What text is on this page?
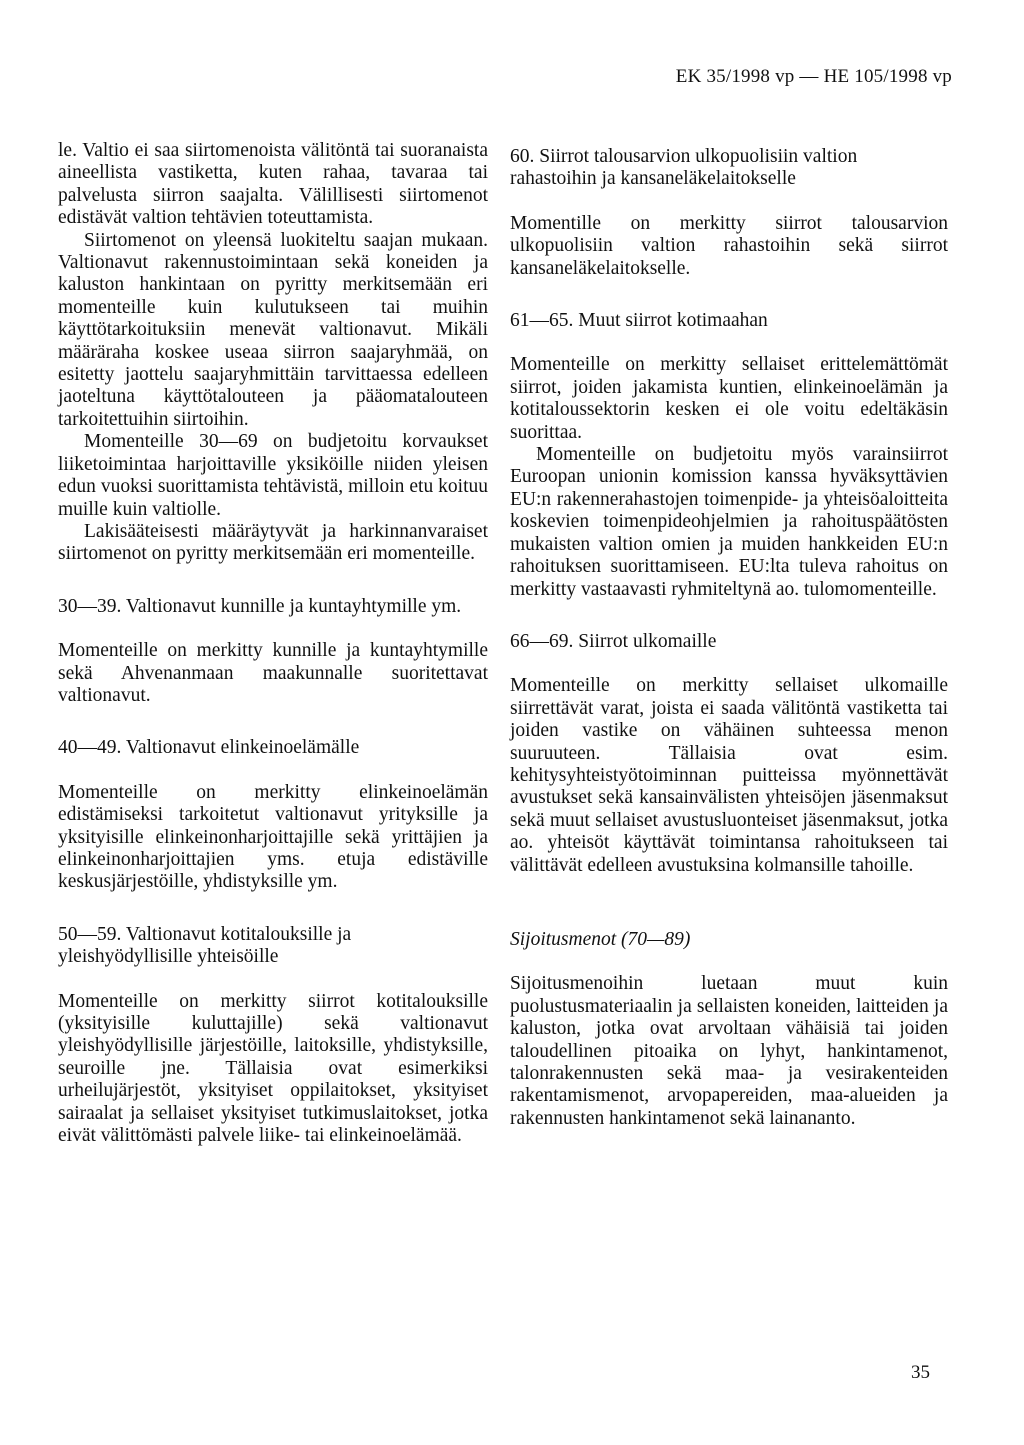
EK 35/1998 vp — HE 105/1998 vp

le. Valtio ei saa siirtomenoista välitöntä tai suoranaista aineellista vastiketta, kuten rahaa, tavaraa tai palvelusta siirron saajalta. Välillisesti siirtomenot edistävät valtion tehtävien toteuttamista.

Siirtomenot on yleensä luokiteltu saajan mukaan. Valtionavut rakennustoimintaan sekä koneiden ja kaluston hankintaan on pyritty merkitsemään eri momenteille kuin kulutukseen tai muihin käyttötarkoituksiin menevät valtionavut. Mikäli määräraha koskee useaa siirron saajaryhmää, on esitetty jaottelu saajaryhmittäin tarvittaessa edelleen jaoteltuna käyttötalouteen ja pääomatalouteen tarkoitettuihin siirtoihin.

Momenteille 30—69 on budjetoitu korvaukset liiketoimintaa harjoittaville yksiköille niiden yleisen edun vuoksi suorittamista tehtävistä, milloin etu koituu muille kuin valtiolle.

Lakisääteisesti määräytyvät ja harkinnanvaraiset siirtomenot on pyritty merkitsemään eri momenteille.

30—39. Valtionavut kunnille ja kuntayhtymille ym.

Momenteille on merkitty kunnille ja kuntayhtymille sekä Ahvenanmaan maakunnalle suoritettavat valtionavut.

40—49. Valtionavut elinkeinoelämälle

Momenteille on merkitty elinkeinoelämän edistämiseksi tarkoitetut valtionavut yrityksille ja yksityisille elinkeinonharjoittajille sekä yrittäjien ja elinkeinonharjoittajien yms. etuja edistäville keskusjärjestöille, yhdistyksille ym.

50—59. Valtionavut kotitalouksille ja yleishyödyllisille yhteisöille

Momenteille on merkitty siirrot kotitalouksille (yksityisille kuluttajille) sekä valtionavut yleishyödyllisille järjestöille, laitoksille, yhdistyksille, seuroille jne. Tällaisia ovat esimerkiksi urheilujärjestöt, yksityiset oppilaitokset, yksityiset sairaalat ja sellaiset yksityiset tutkimuslaitokset, jotka eivät välittömästi palvele liike- tai elinkeinoelämää.

60. Siirrot talousarvion ulkopuolisiin valtion rahastoihin ja kansaneläkelaitokselle

Momentille on merkitty siirrot talousarvion ulkopuolisiin valtion rahastoihin sekä siirrot kansaneläkelaitokselle.

61—65. Muut siirrot kotimaahan

Momenteille on merkitty sellaiset erittelemättömät siirrot, joiden jakamista kuntien, elinkeinoelämän ja kotitaloussektorin kesken ei ole voitu edeltäkäsin suorittaa.

Momenteille on budjetoitu myös varainsiirrot Euroopan unionin komission kanssa hyväksyttävien EU:n rakennerahastojen toimenpide- ja yhteisöaloitteita koskevien toimenpideohjelmien ja rahoituspäätösten mukaisten valtion omien ja muiden hankkeiden EU:n rahoituksen suorittamiseen. EU:lta tuleva rahoitus on merkitty vastaavasti ryhmiteltynä ao. tulomomenteille.

66—69. Siirrot ulkomaille

Momenteille on merkitty sellaiset ulkomaille siirrettävät varat, joista ei saada välitöntä vastiketta tai joiden vastike on vähäinen suhteessa menon suuruuteen. Tällaisia ovat esim. kehitysyhteistyötoiminnan puitteissa myönnettävät avustukset sekä kansainvälisten yhteisöjen jäsenmaksut sekä muut sellaiset avustusluonteiset jäsenmaksut, jotka ao. yhteisöt käyttävät toimintansa rahoitukseen tai välittävät edelleen avustuksina kolmansille tahoille.

Sijoitusmenot (70—89)

Sijoitusmenoihin luetaan muut kuin puolustusmateriaalin ja sellaisten koneiden, laitteiden ja kaluston, jotka ovat arvoltaan vähäisiä tai joiden taloudellinen pitoaika on lyhyt, hankintamenot, talonrakennusten sekä maa- ja vesirakenteiden rakentamismenot, arvopapereiden, maa-alueiden ja rakennusten hankintamenot sekä lainananto.

35
